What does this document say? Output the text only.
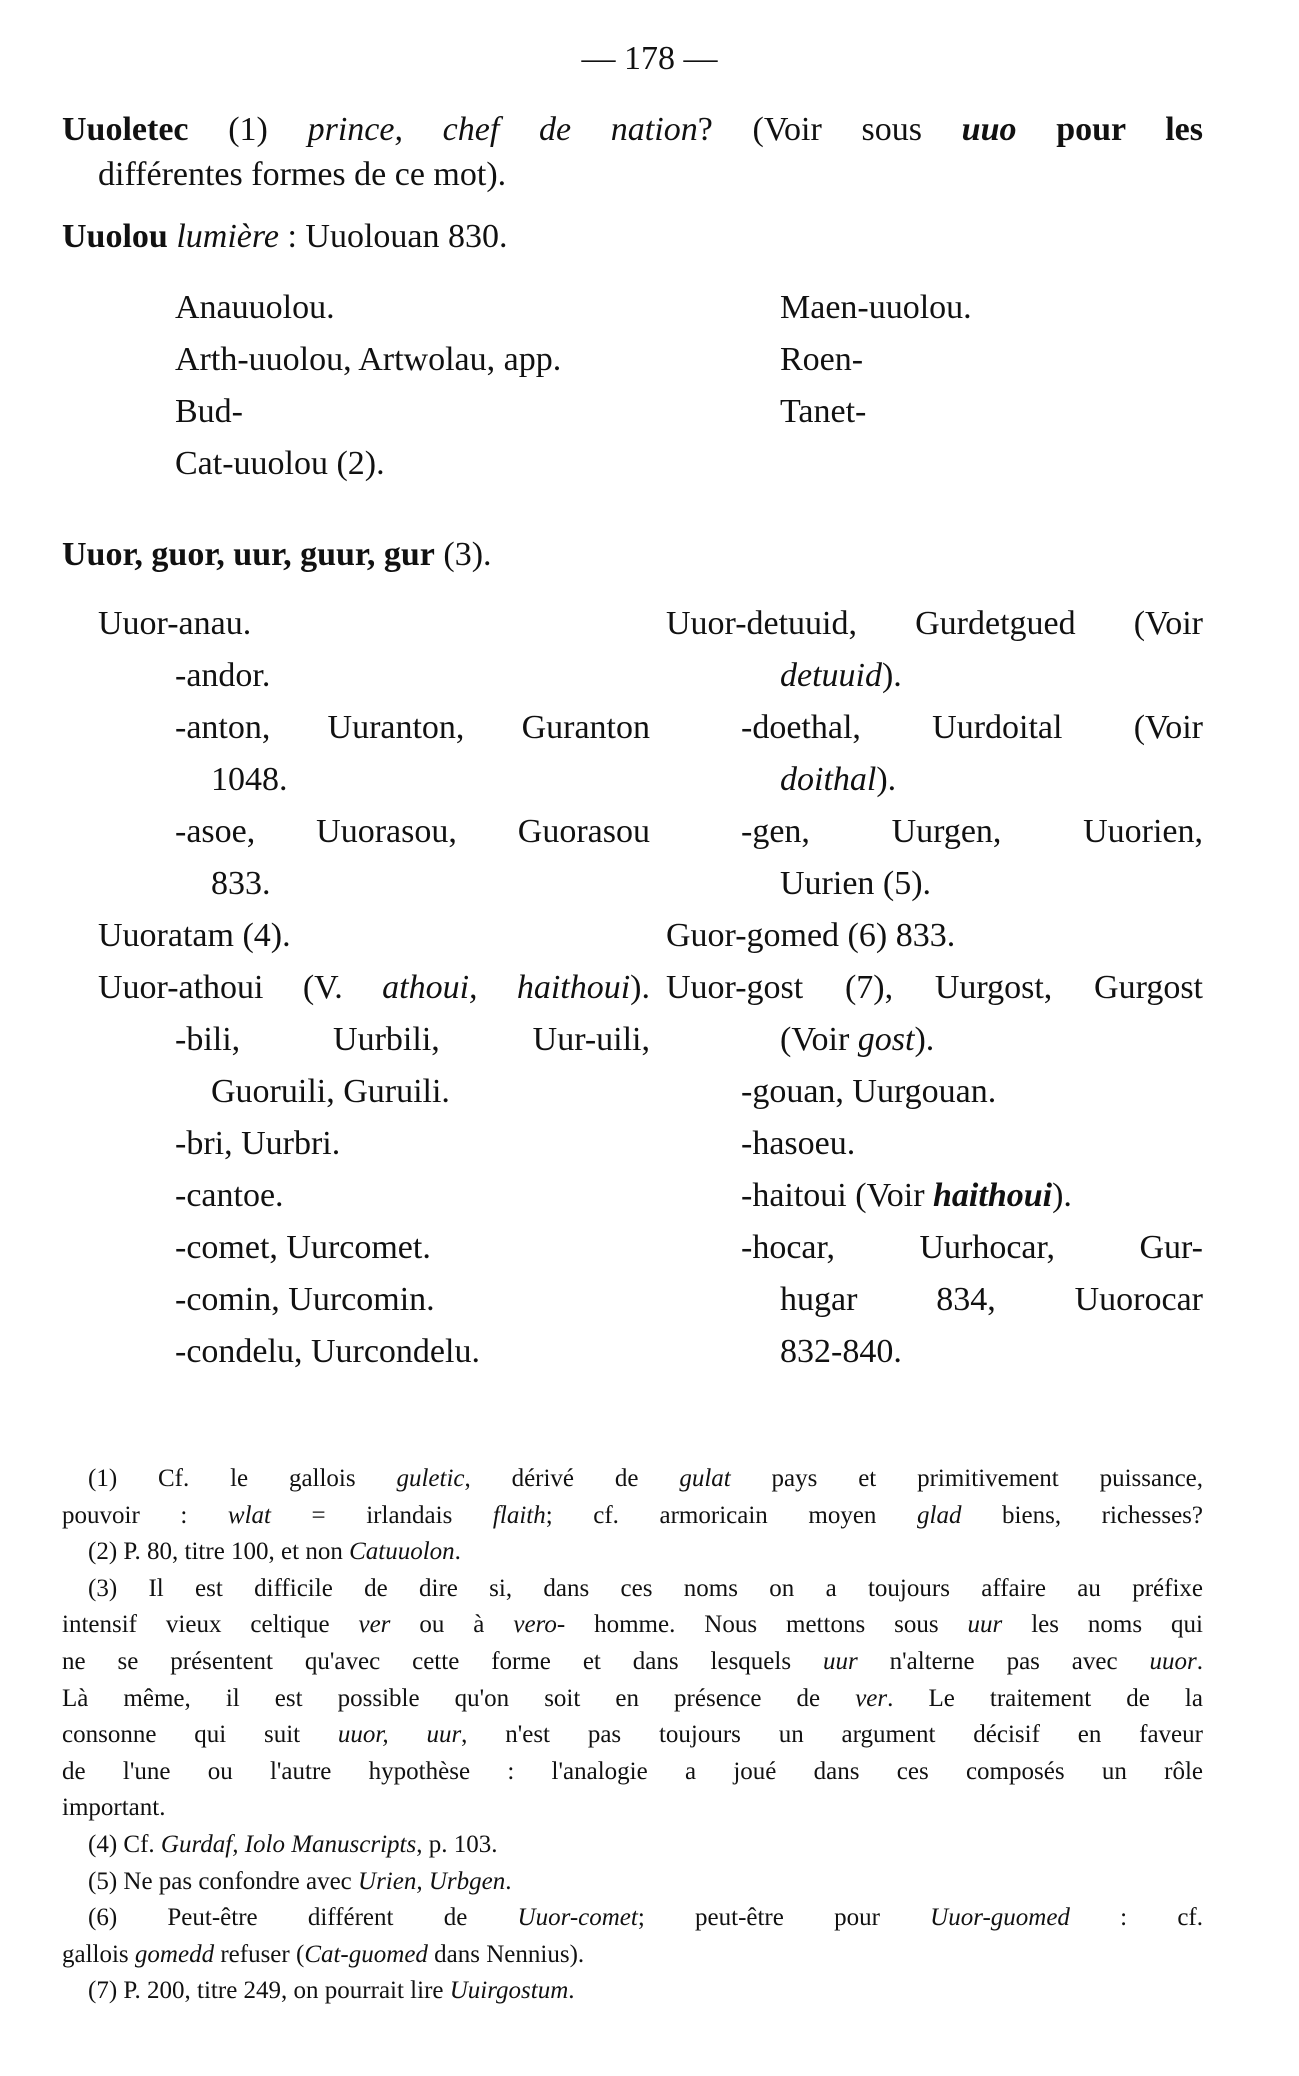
— 178 —
Uuoletec (1) prince, chef de nation? (Voir sous uuo pour les
différentes formes de ce mot).
Uuolou lumière : Uuolouan 830.
Anauuolou.
Arth-uuolou, Artwolau, app.
Bud-
Cat-uuolou (2).
Maen-uuolou.
Roen-
Tanet-
Uuor, guor, uur, guur, gur (3).
Uuor-anau.
-andor.
-anton, Uuranton, Guranton
1048.
-asoe, Uuorasou, Guorasou
833.
Uuoratam (4).
Uuor-athoui (V. athoui, haithoui).
-bili, Uurbili, Uur-uili,
Guoruili, Guruili.
-bri, Uurbri.
-cantoe.
-comet, Uurcomet.
-comin, Uurcomin.
-condelu, Uurcondelu.
Uuor-detuuid, Gurdetgued (Voir
detuuid).
-doethal, Uurdoital (Voir
doithal).
-gen, Uurgen, Uuorien,
Uurien (5).
Guor-gomed (6) 833.
Uuor-gost (7), Uurgost, Gurgost
(Voir gost).
-gouan, Uurgouan.
-hasoeu.
-haitoui (Voir haithoui).
-hocar, Uurhocar, Gur-
hugar 834, Uuorocar
832-840.
(1) Cf. le gallois guletic, dérivé de gulat pays et primitivement puissance,
pouvoir : wlat = irlandais flaith; cf. armoricain moyen glad biens, richesses?
(2) P. 80, titre 100, et non Catuuolon.
(3) Il est difficile de dire si, dans ces noms on a toujours affaire au préfixe
intensif vieux celtique ver ou à vero- homme. Nous mettons sous uur les noms qui
ne se présentent qu'avec cette forme et dans lesquels uur n'alterne pas avec uuor.
Là même, il est possible qu'on soit en présence de ver. Le traitement de la
consonne qui suit uuor, uur, n'est pas toujours un argument décisif en faveur
de l'une ou l'autre hypothèse : l'analogie a joué dans ces composés un rôle
important.
(4) Cf. Gurdaf, Iolo Manuscripts, p. 103.
(5) Ne pas confondre avec Urien, Urbgen.
(6) Peut-être différent de Uuor-comet; peut-être pour Uuor-guomed : cf.
gallois gomedd refuser (Cat-guomed dans Nennius).
(7) P. 200, titre 249, on pourrait lire Uuirgostum.
